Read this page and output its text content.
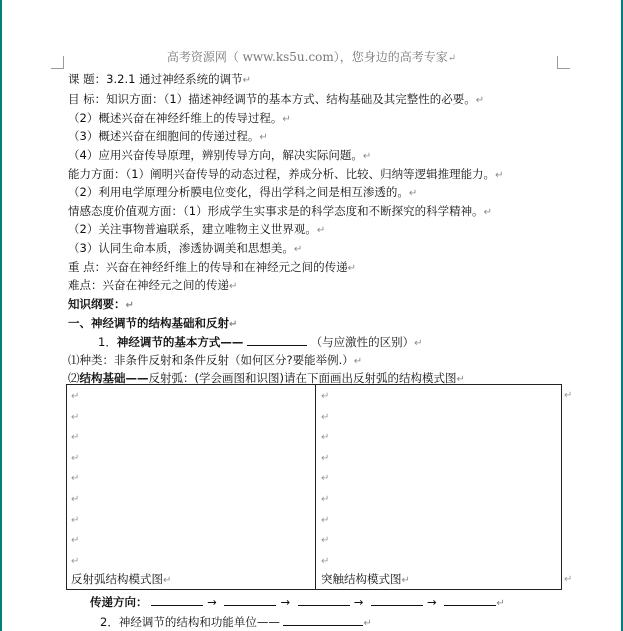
高考资源网（ www.ks5u.com），您身边的高考专家↵
课 题：3.2.1 通过神经系统的调节↵
目 标：知识方面：（1）描述神经调节的基本方式、结构基础及其完整性的必要。↵
（2）概述兴奋在神经纤维上的传导过程。↵
（3）概述兴奋在细胞间的传递过程。↵
（4）应用兴奋传导原理，辨别传导方向，解决实际问题。↵
能力方面：（1）阐明兴奋传导的动态过程，养成分析、比较、归纳等逻辑推理能力。↵
（2）利用电学原理分析膜电位变化，得出学科之间是相互渗透的。↵
情感态度价值观方面：（1）形成学生实事求是的科学态度和不断探究的科学精神。↵
（2）关注事物普遍联系，建立唯物主义世界观。↵
（3）认同生命本质，渗透协调美和思想美。↵
重 点：兴奋在神经纤维上的传导和在神经元之间的传递↵
难点：兴奋在神经元之间的传递↵
知识纲要：↵
一、神经调节的结构基础和反射↵
1．神经调节的基本方式——	（与应激性的区别）↵
⑴种类：非条件反射和条件反射（如何区分?要能举例.）↵
⑵结构基础——反射弧：(学会画图和识图)请在下面画出反射弧的结构模式图↵
↵
↵
↵
↵
↵
↵
↵
↵
↵
↵
↵
↵
↵
↵
↵
↵
↵
↵
反射弧结构模式图↵	突触结构模式图↵
↵
↵
传递方向：	→	→	→	→	↵
2．神经调节的结构和功能单位——	↵
